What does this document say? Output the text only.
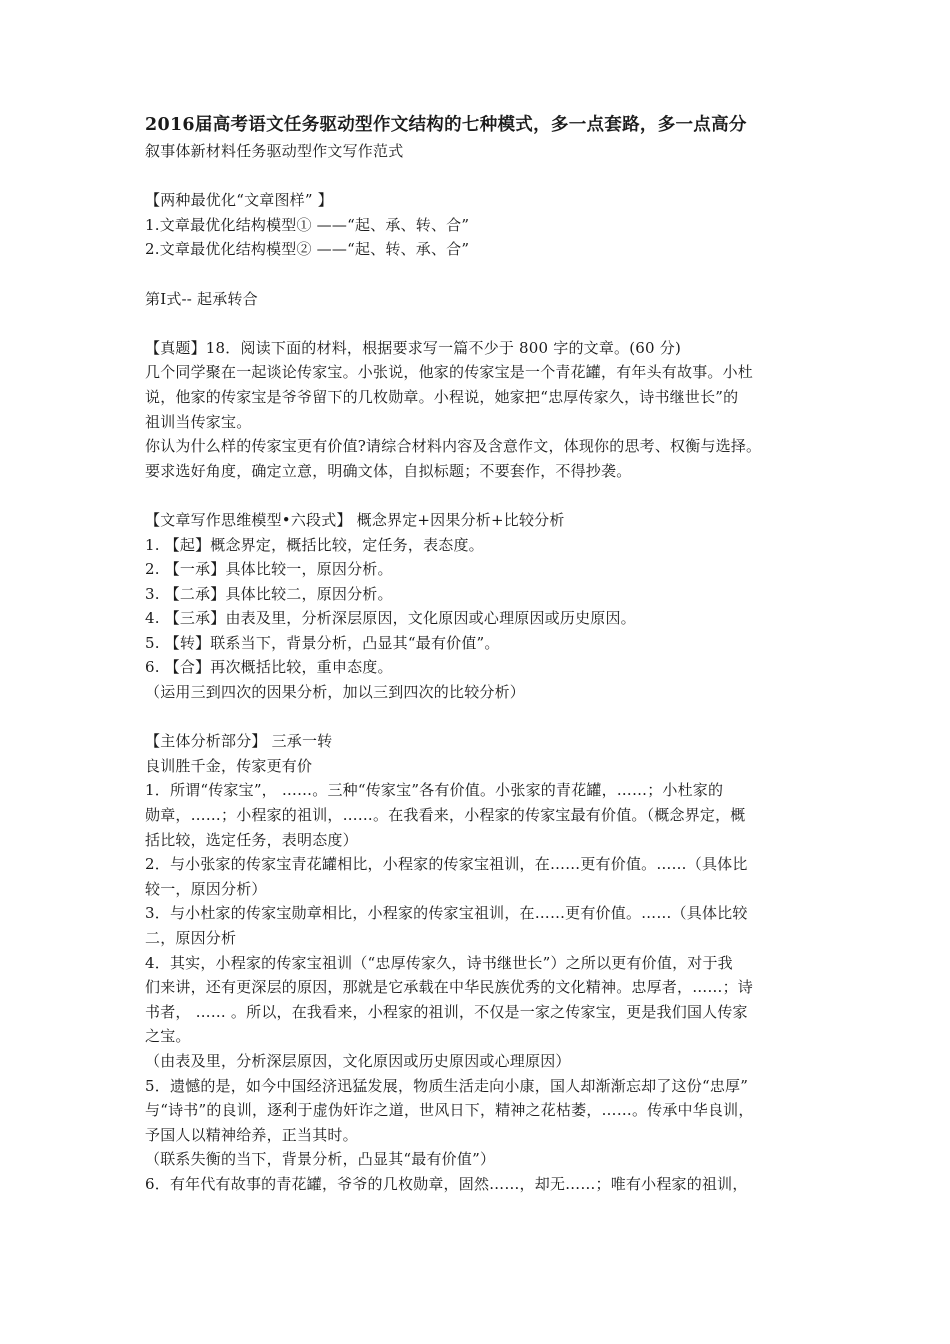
2016届高考语文任务驱动型作文结构的七种模式，多一点套路，多一点高分
叙事体新材料任务驱动型作文写作范式
【两种最优化“文章图样” 】
1.文章最优化结构模型① ——“起、承、转、合”
2.文章最优化结构模型② ——“起、转、承、合”
第Ⅰ式-- 起承转合
【真题】18．阅读下面的材料，根据要求写一篇不少于 800 字的文章。(60 分)
几个同学聚在一起谈论传家宝。小张说，他家的传家宝是一个青花罐，有年头有故事。小杜
说，他家的传家宝是爷爷留下的几枚勋章。小程说，她家把“忠厚传家久，诗书继世长”的
祖训当传家宝。
你认为什么样的传家宝更有价值?请综合材料内容及含意作文，体现你的思考、权衡与选择。
要求选好角度，确定立意，明确文体，自拟标题；不要套作，不得抄袭。
【文章写作思维模型•六段式】 概念界定+因果分析+比较分析
1. 【起】概念界定，概括比较，定任务，表态度。
2. 【一承】具体比较一，原因分析。
3. 【二承】具体比较二，原因分析。
4. 【三承】由表及里，分析深层原因，文化原因或心理原因或历史原因。
5. 【转】联系当下，背景分析，凸显其“最有价值”。
6. 【合】再次概括比较，重申态度。
（运用三到四次的因果分析，加以三到四次的比较分析）
【主体分析部分】 三承一转
良训胜千金，传家更有价
1．所谓“传家宝”， ……。三种“传家宝”各有价值。小张家的青花罐，……；小杜家的
勋章，……；小程家的祖训，……。在我看来，小程家的传家宝最有价值。（概念界定，概
括比较，选定任务，表明态度）
2．与小张家的传家宝青花罐相比，小程家的传家宝祖训，在……更有价值。……（具体比
较一，原因分析）
3．与小杜家的传家宝勋章相比，小程家的传家宝祖训，在……更有价值。……（具体比较
二，原因分析
4．其实，小程家的传家宝祖训（“忠厚传家久，诗书继世长”）之所以更有价值，对于我
们来讲，还有更深层的原因，那就是它承载在中华民族优秀的文化精神。忠厚者，……；诗
书者， …… 。所以，在我看来，小程家的祖训，不仅是一家之传家宝，更是我们国人传家
之宝。
（由表及里，分析深层原因，文化原因或历史原因或心理原因）
5．遗憾的是，如今中国经济迅猛发展，物质生活走向小康，国人却渐渐忘却了这份“忠厚”
与“诗书”的良训，逐利于虚伪奸诈之道，世风日下，精神之花枯萎，……。传承中华良训，
予国人以精神给养，正当其时。
（联系失衡的当下，背景分析，凸显其“最有价值”）
6．有年代有故事的青花罐，爷爷的几枚勋章，固然……，却无……；唯有小程家的祖训，
